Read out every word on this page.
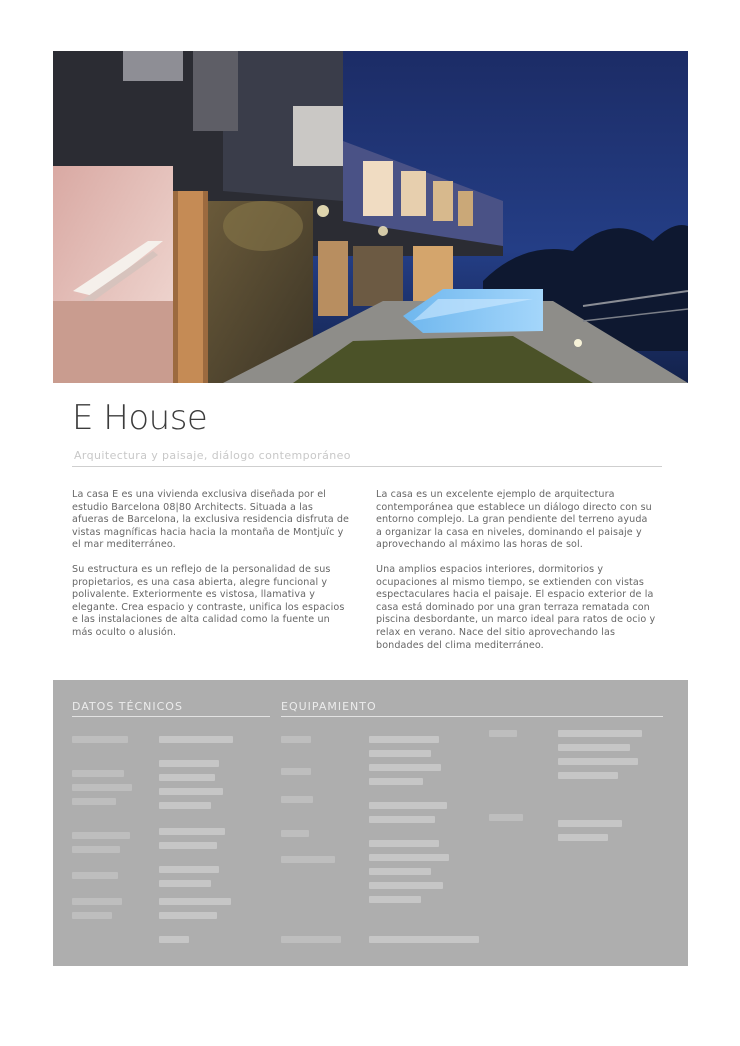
E House
Arquitectura y paisaje, diálogo contemporáneo

La casa E es una vivienda exclusiva diseñada por el estudio Barcelona 08|80 Architects. Situada a las afueras de Barcelona, la exclusiva residencia disfruta de vistas magníficas hacia hacia la montaña de Montjuïc y el mar mediterráneo.

Su estructura es un reflejo de la personalidad de sus propietarios, es una casa abierta, alegre funcional y polivalente. Exteriormente es vistosa, llamativa y elegante. Crea espacio y contraste, unifica los espacios e las instalaciones de alta calidad como la fuente un más oculto o alusión.

La casa es un excelente ejemplo de arquitectura contemporánea que establece un diálogo directo con su entorno complejo. La gran pendiente del terreno ayuda a organizar la casa en niveles, dominando el paisaje y aprovechando al máximo las horas de sol.

Una amplios espacios interiores, dormitorios y ocupaciones al mismo tiempo, se extienden con vistas espectaculares hacia el paisaje. El espacio exterior de la casa está dominado por una gran terraza rematada con piscina desbordante, un marco ideal para ratos de ocio y relax en verano. Nace del sitio aprovechando las bondades del clima mediterráneo.

DATOS TÉCNICOS	EQUIPAMIENTO
